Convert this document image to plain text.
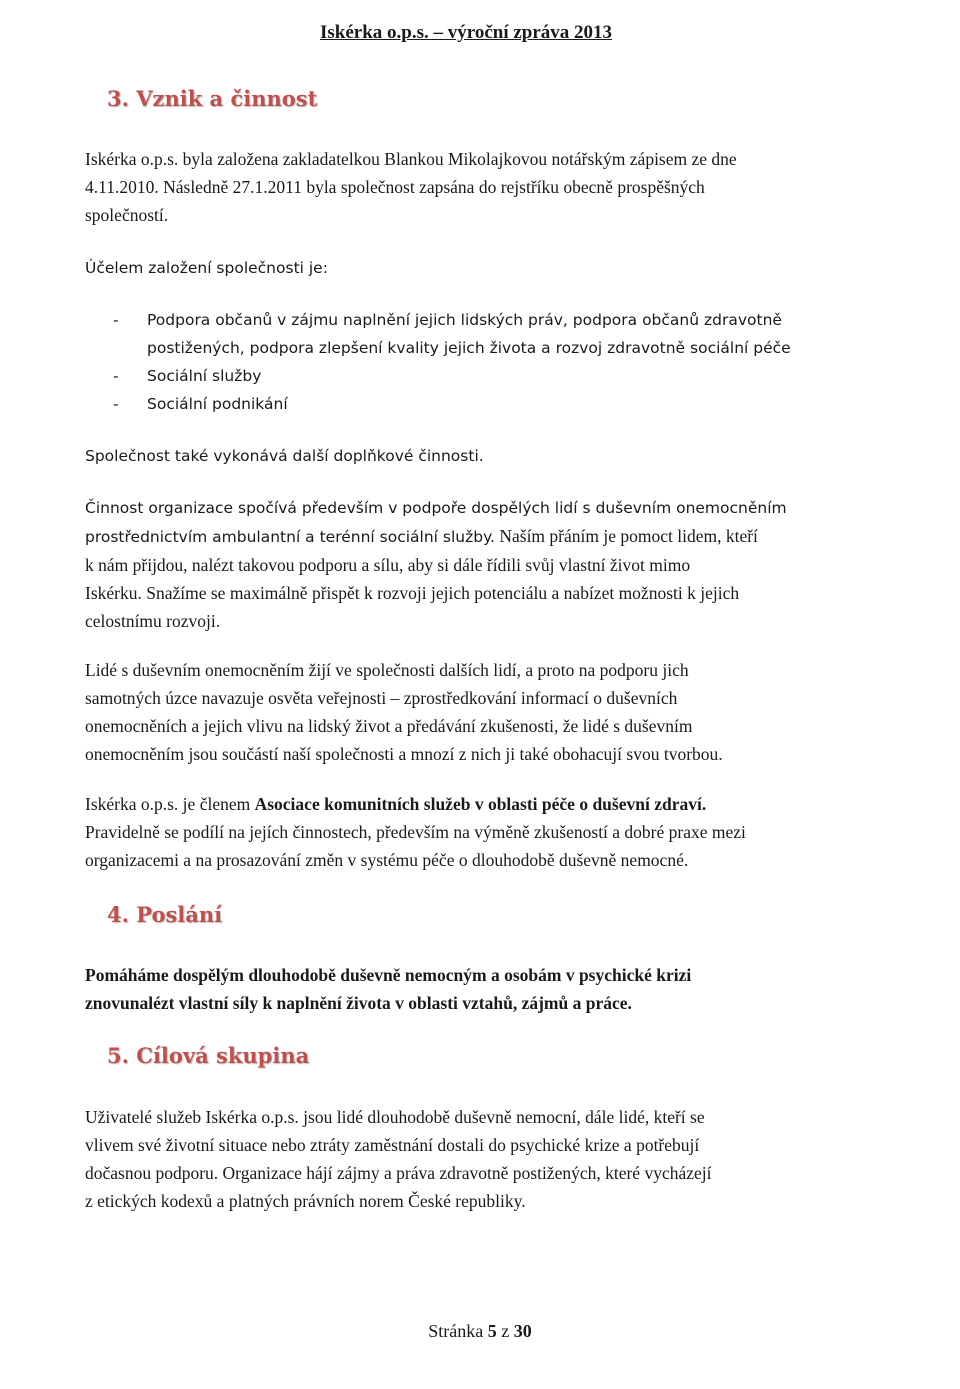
Iskérka o.p.s. – výroční zpráva 2013
3. Vznik a činnost
Iskérka o.p.s. byla založena zakladatelkou Blankou Mikolajkovou notářským zápisem ze dne
4.11.2010. Následně 27.1.2011 byla společnost zapsána do rejstříku obecně prospěšných
společností.
Účelem založení společnosti je:
- Podpora občanů v zájmu naplnění jejich lidských práv, podpora občanů zdravotně
postižených, podpora zlepšení kvality jejich života a rozvoj zdravotně sociální péče
- Sociální služby
- Sociální podnikání
Společnost také vykonává další doplňkové činnosti.
Činnost organizace spočívá především v podpoře dospělých lidí s duševním onemocněním
prostřednictvím ambulantní a terénní sociální služby. Naším přáním je pomoct lidem, kteří
k nám přijdou, nalézt takovou podporu a sílu, aby si dále řídili svůj vlastní život mimo
Iskérku. Snažíme se maximálně přispět k rozvoji jejich potenciálu a nabízet možnosti k jejich
celostnímu rozvoji.
Lidé s duševním onemocněním žijí ve společnosti dalších lidí, a proto na podporu jich
samotných úzce navazuje osvěta veřejnosti – zprostředkování informací o duševních
onemocněních a jejich vlivu na lidský život a předávání zkušenosti, že lidé s duševním
onemocněním jsou součástí naší společnosti a mnozí z nich ji také obohacují svou tvorbou.
Iskérka o.p.s. je členem Asociace komunitních služeb v oblasti péče o duševní zdraví.
Pravidelně se podílí na jejích činnostech, především na výměně zkušeností a dobré praxe mezi
organizacemi a na prosazování změn v systému péče o dlouhodobě duševně nemocné.
4. Poslání
Pomáháme dospělým dlouhodobě duševně nemocným a osobám v psychické krizi
znovunalézt vlastní síly k naplnění života v oblasti vztahů, zájmů a práce.
5. Cílová skupina
Uživatelé služeb Iskérka o.p.s. jsou lidé dlouhodobě duševně nemocní, dále lidé, kteří se
vlivem své životní situace nebo ztráty zaměstnání dostali do psychické krize a potřebují
dočasnou podporu. Organizace hájí zájmy a práva zdravotně postižených, které vycházejí
z etických kodexů a platných právních norem České republiky.
Stránka 5 z 30
